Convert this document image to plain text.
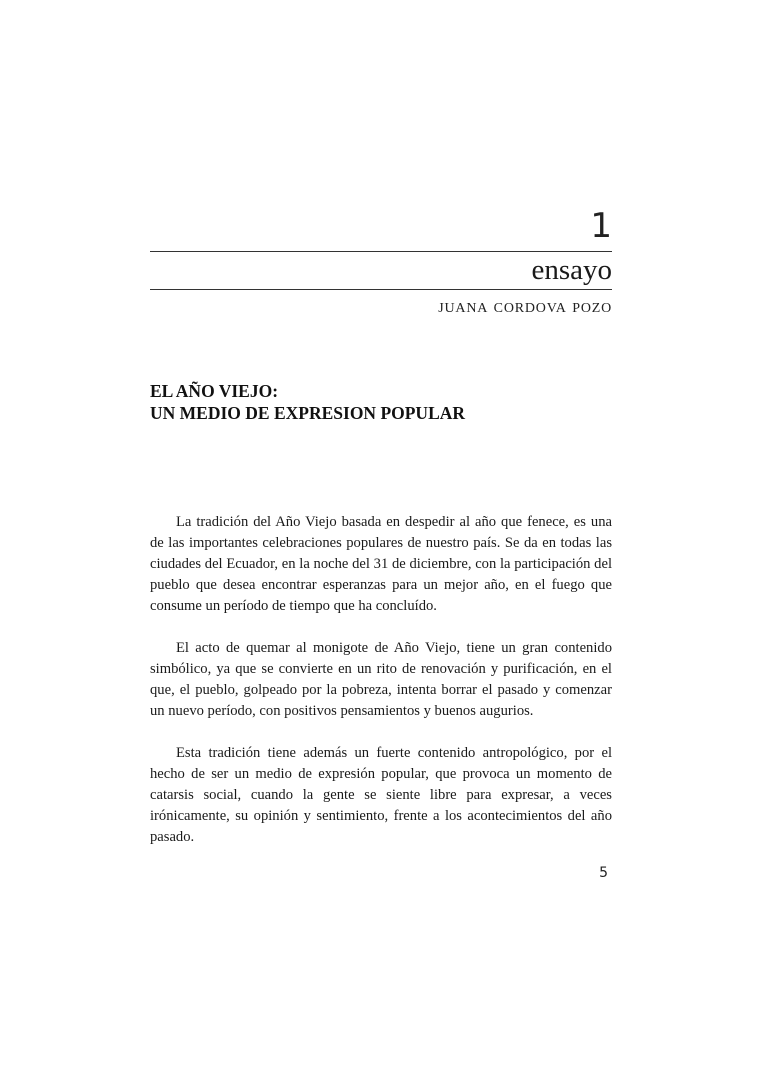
1
ensayo
JUANA CORDOVA POZO
EL AÑO VIEJO:
UN MEDIO DE EXPRESION POPULAR

La tradición del Año Viejo basada en despedir al año que fenece, es una de las importantes celebraciones populares de nuestro país. Se da en todas las ciudades del Ecuador, en la noche del 31 de diciembre, con la participación del pueblo que desea encontrar esperanzas para un mejor año, en el fuego que consume un período de tiempo que ha concluído.

El acto de quemar al monigote de Año Viejo, tiene un gran contenido simbólico, ya que se convierte en un rito de renovación y purificación, en el que, el pueblo, golpeado por la pobreza, intenta borrar el pasado y comenzar un nuevo período, con positivos pensamientos y buenos augurios.

Esta tradición tiene además un fuerte contenido antropológico, por el hecho de ser un medio de expresión popular, que provoca un momento de catarsis social, cuando la gente se siente libre para expresar, a veces irónicamente, su opinión y sentimiento, frente a los acontecimientos del año pasado.

5
